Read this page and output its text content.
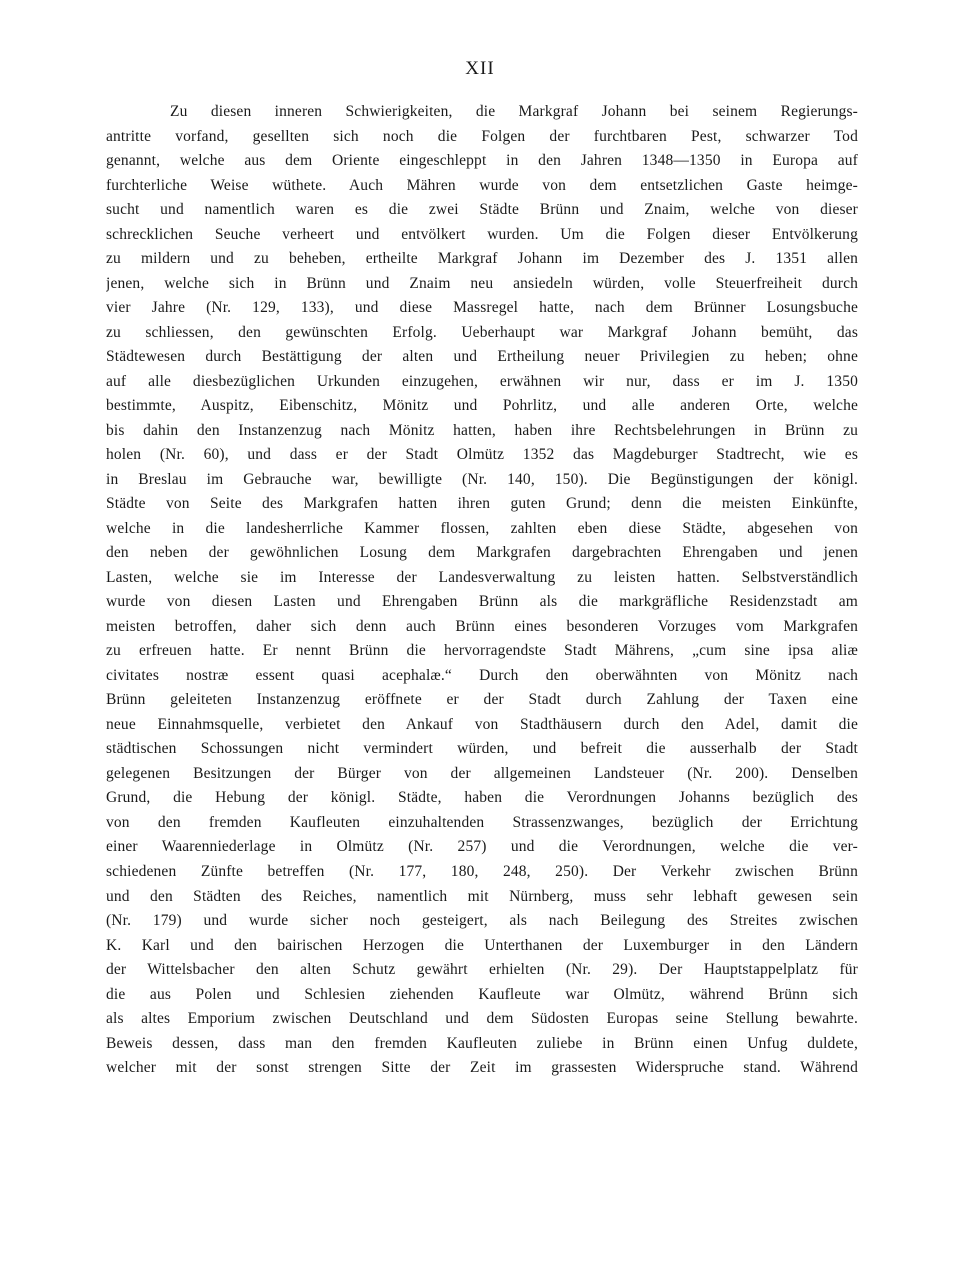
XII
Zu diesen inneren Schwierigkeiten, die Markgraf Johann bei seinem Regierungs-
antritte vorfand, gesellten sich noch die Folgen der furchtbaren Pest, schwarzer Tod
genannt, welche aus dem Oriente eingeschleppt in den Jahren 1348—1350 in Europa auf
furchterliche Weise wüthete. Auch Mähren wurde von dem entsetzlichen Gaste heimge-
sucht und namentlich waren es die zwei Städte Brünn und Znaim, welche von dieser
schrecklichen Seuche verheert und entvölkert wurden. Um die Folgen dieser Entvölkerung
zu mildern und zu beheben, ertheilte Markgraf Johann im Dezember des J. 1351 allen
jenen, welche sich in Brünn und Znaim neu ansiedeln würden, volle Steuerfreiheit durch
vier Jahre (Nr. 129, 133), und diese Massregel hatte, nach dem Brünner Losungsbuche
zu schliessen, den gewünschten Erfolg. Ueberhaupt war Markgraf Johann bemüht, das
Städtewesen durch Bestättigung der alten und Ertheilung neuer Privilegien zu heben; ohne
auf alle diesbezüglichen Urkunden einzugehen, erwähnen wir nur, dass er im J. 1350
bestimmte, Auspitz, Eibenschitz, Mönitz und Pohrlitz, und alle anderen Orte, welche
bis dahin den Instanzenzug nach Mönitz hatten, haben ihre Rechtsbelehrungen in Brünn zu
holen (Nr. 60), und dass er der Stadt Olmütz 1352 das Magdeburger Stadtrecht, wie es
in Breslau im Gebrauche war, bewilligte (Nr. 140, 150). Die Begünstigungen der königl.
Städte von Seite des Markgrafen hatten ihren guten Grund; denn die meisten Einkünfte,
welche in die landesherrliche Kammer flossen, zahlten eben diese Städte, abgesehen von
den neben der gewöhnlichen Losung dem Markgrafen dargebrachten Ehrengaben und jenen
Lasten, welche sie im Interesse der Landesverwaltung zu leisten hatten. Selbstverständlich
wurde von diesen Lasten und Ehrengaben Brünn als die markgräfliche Residenzstadt am
meisten betroffen, daher sich denn auch Brünn eines besonderen Vorzuges vom Markgrafen
zu erfreuen hatte. Er nennt Brünn die hervorragendste Stadt Mährens, „cum sine ipsa aliæ
civitates nostræ essent quasi acephalæ.“ Durch den oberwähnten von Mönitz nach
Brünn geleiteten Instanzenzug eröffnete er der Stadt durch Zahlung der Taxen eine
neue Einnahmsquelle, verbietet den Ankauf von Stadthäusern durch den Adel, damit die
städtischen Schossungen nicht vermindert würden, und befreit die ausserhalb der Stadt
gelegenen Besitzungen der Bürger von der allgemeinen Landsteuer (Nr. 200). Denselben
Grund, die Hebung der königl. Städte, haben die Verordnungen Johanns bezüglich des
von den fremden Kaufleuten einzuhaltenden Strassenzwanges, bezüglich der Errichtung
einer Waarenniederlage in Olmütz (Nr. 257) und die Verordnungen, welche die ver-
schiedenen Zünfte betreffen (Nr. 177, 180, 248, 250). Der Verkehr zwischen Brünn
und den Städten des Reiches, namentlich mit Nürnberg, muss sehr lebhaft gewesen sein
(Nr. 179) und wurde sicher noch gesteigert, als nach Beilegung des Streites zwischen
K. Karl und den bairischen Herzogen die Unterthanen der Luxemburger in den Ländern
der Wittelsbacher den alten Schutz gewährt erhielten (Nr. 29). Der Hauptstappelplatz für
die aus Polen und Schlesien ziehenden Kaufleute war Olmütz, während Brünn sich
als altes Emporium zwischen Deutschland und dem Südosten Europas seine Stellung bewahrte.
Beweis dessen, dass man den fremden Kaufleuten zuliebe in Brünn einen Unfug duldete,
welcher mit der sonst strengen Sitte der Zeit im grassesten Widerspruche stand. Während
